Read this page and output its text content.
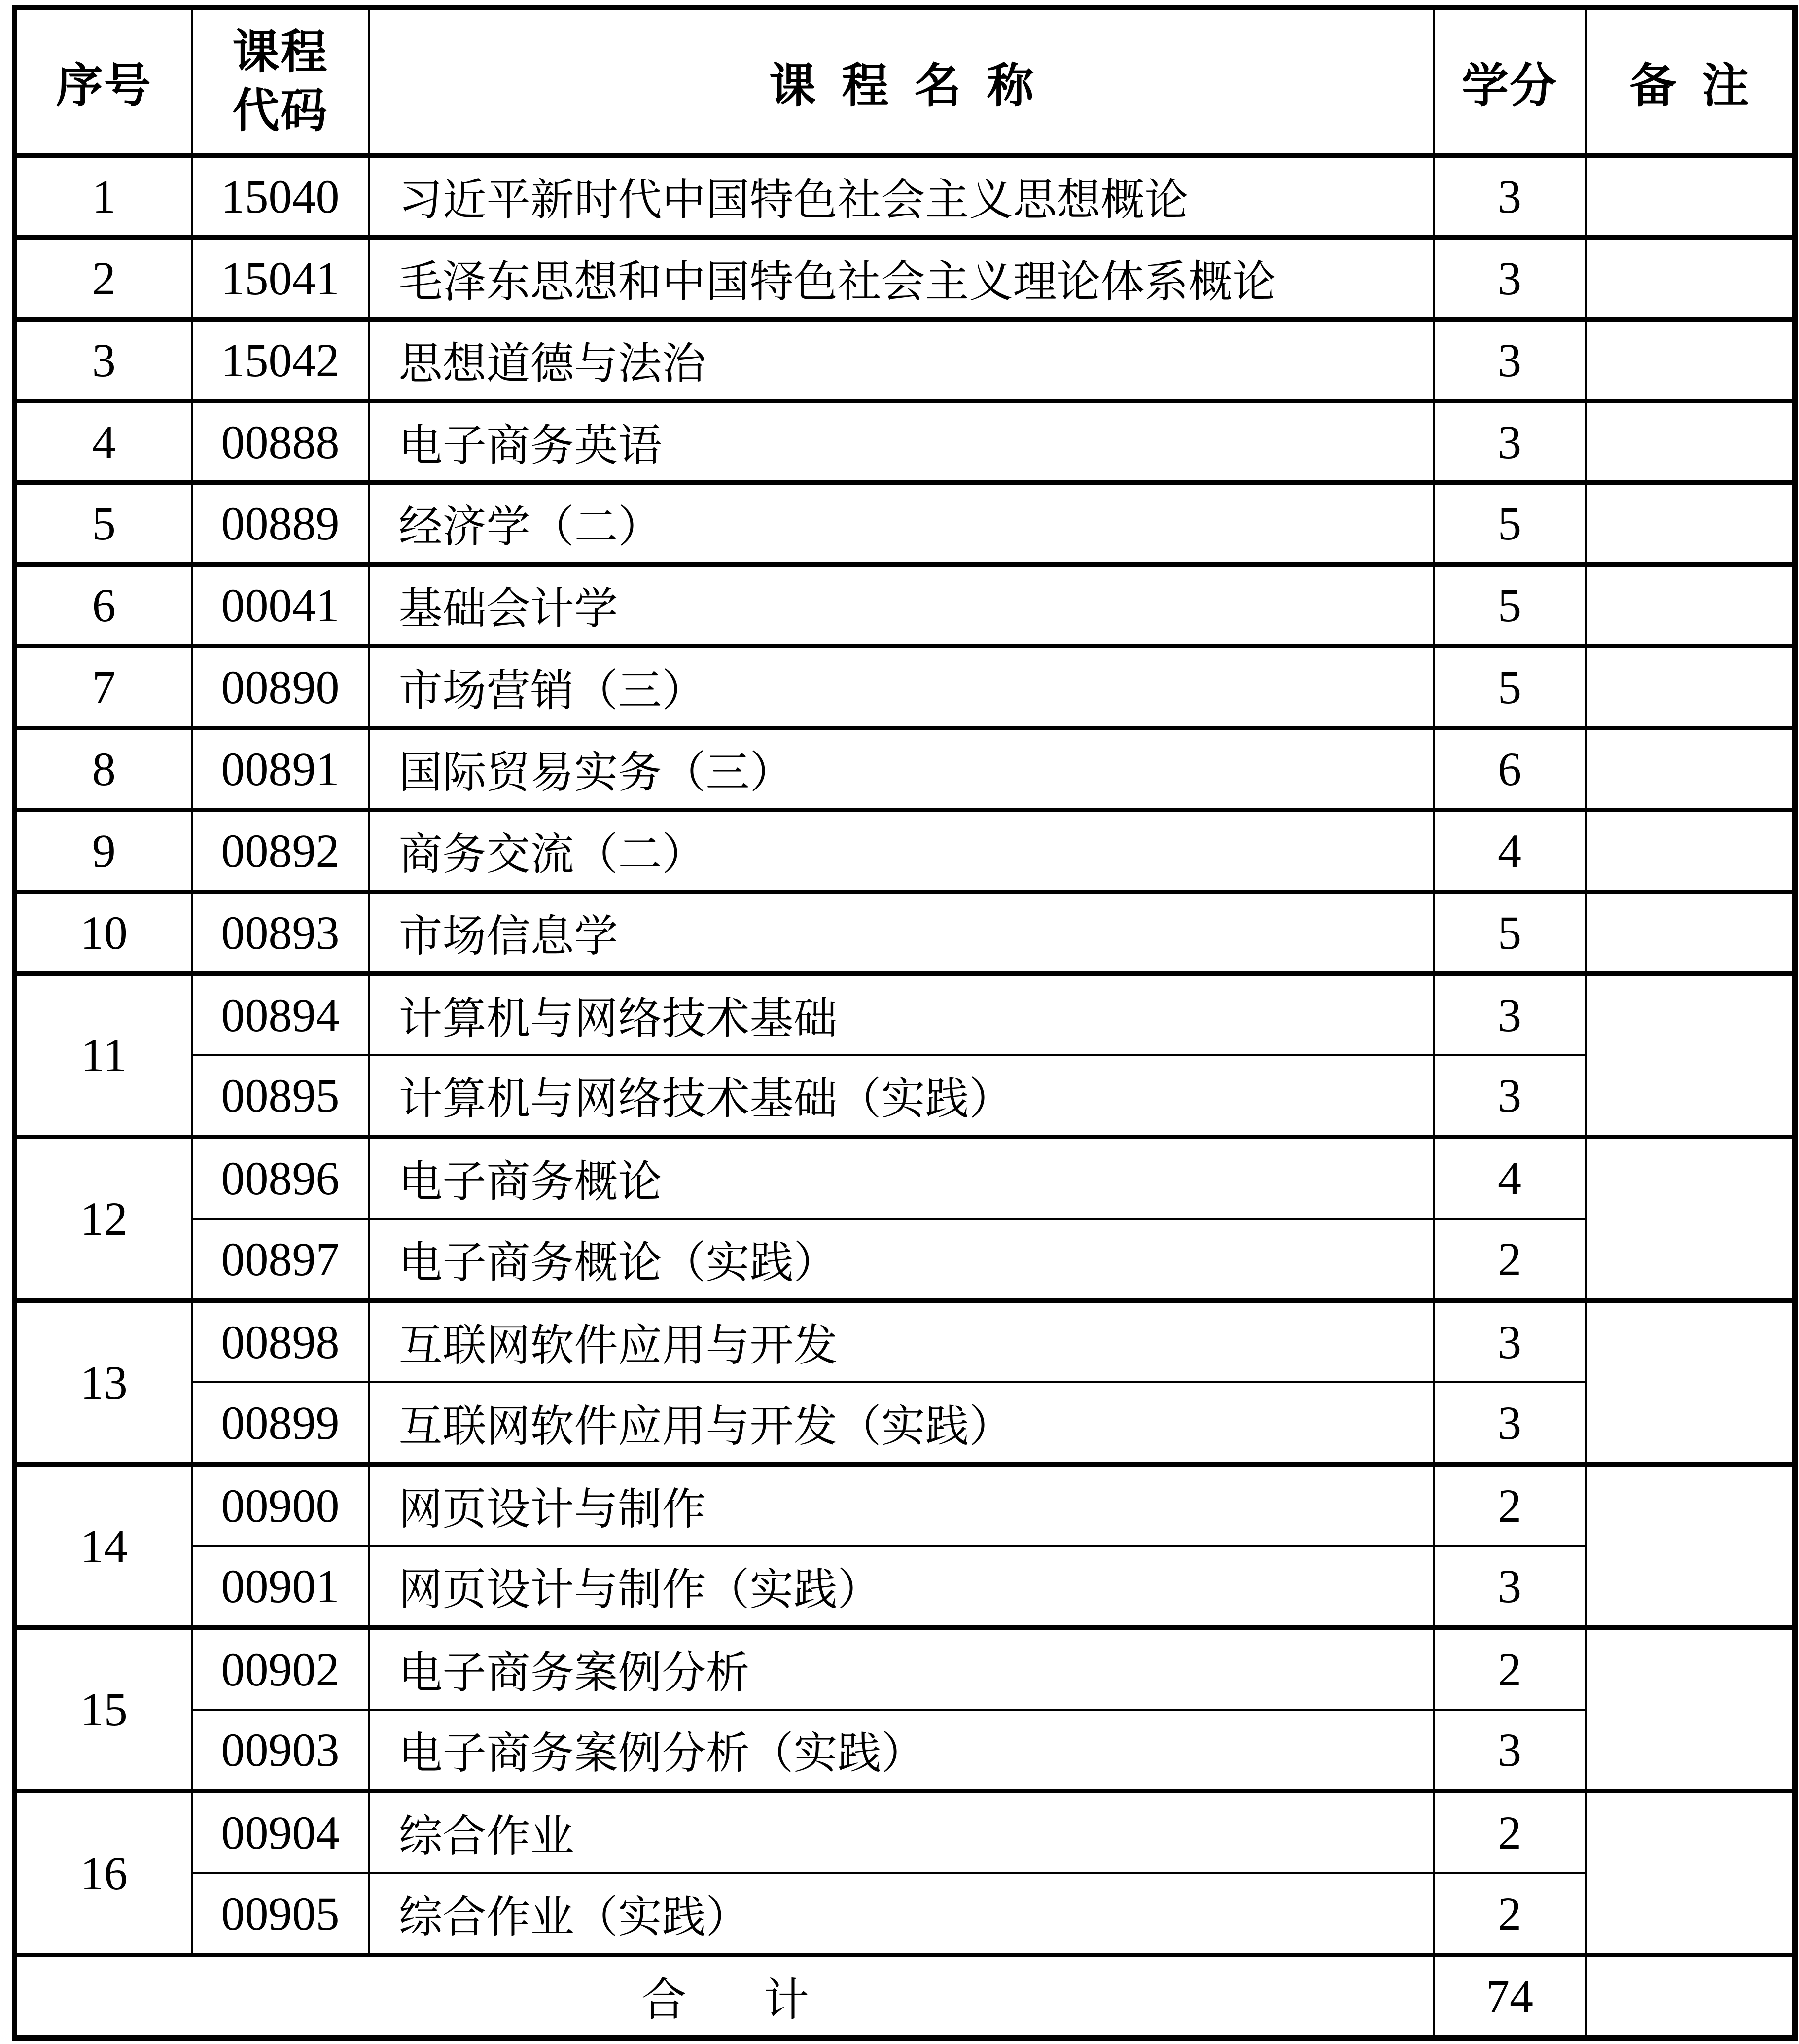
序号	课程代码	课程名称	学分	备注
1	15040	习近平新时代中国特色社会主义思想概论	3	
2	15041	毛泽东思想和中国特色社会主义理论体系概论	3	
3	15042	思想道德与法治	3	
4	00888	电子商务英语	3	
5	00889	经济学（二）	5	
6	00041	基础会计学	5	
7	00890	市场营销（三）	5	
8	00891	国际贸易实务（三）	6	
9	00892	商务交流（二）	4	
10	00893	市场信息学	5	
11	00894	计算机与网络技术基础	3	
	00895	计算机与网络技术基础（实践）	3	
12	00896	电子商务概论	4	
	00897	电子商务概论（实践）	2	
13	00898	互联网软件应用与开发	3	
	00899	互联网软件应用与开发（实践）	3	
14	00900	网页设计与制作	2	
	00901	网页设计与制作（实践）	3	
15	00902	电子商务案例分析	2	
	00903	电子商务案例分析（实践）	3	
16	00904	综合作业	2	
	00905	综合作业（实践）	2	
合计			74	
